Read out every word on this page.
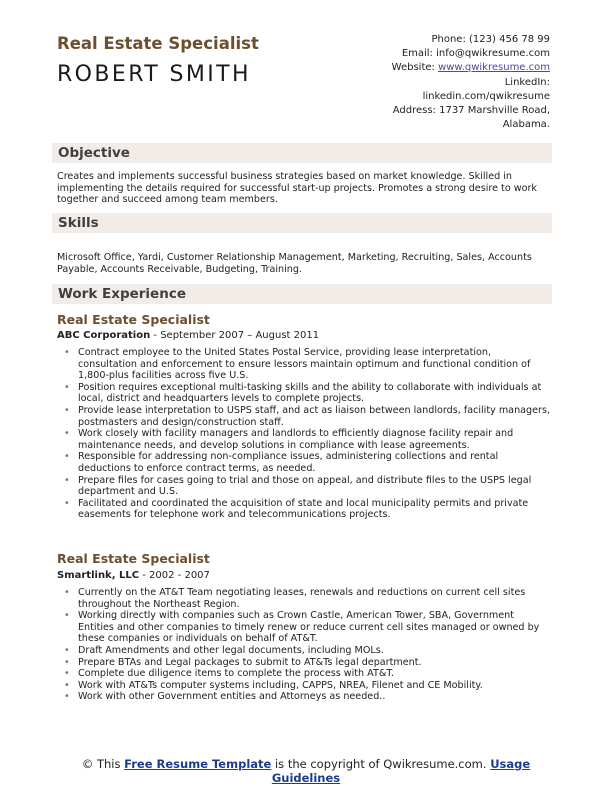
Real Estate Specialist
ROBERT SMITH
Phone: (123) 456 78 99
Email: info@qwikresume.com
Website: www.qwikresume.com
LinkedIn:
linkedin.com/qwikresume
Address: 1737 Marshville Road,
Alabama.
Objective
Creates and implements successful business strategies based on market knowledge. Skilled in implementing the details required for successful start-up projects. Promotes a strong desire to work together and succeed among team members.
Skills
Microsoft Office, Yardi, Customer Relationship Management, Marketing, Recruiting, Sales, Accounts Payable, Accounts Receivable, Budgeting, Training.
Work Experience
Real Estate Specialist
ABC Corporation - September 2007 – August 2011
• Contract employee to the United States Postal Service, providing lease interpretation, consultation and enforcement to ensure lessors maintain optimum and functional condition of 1,800-plus facilities across five U.S.
• Position requires exceptional multi-tasking skills and the ability to collaborate with individuals at local, district and headquarters levels to complete projects.
• Provide lease interpretation to USPS staff, and act as liaison between landlords, facility managers, postmasters and design/construction staff.
• Work closely with facility managers and landlords to efficiently diagnose facility repair and maintenance needs, and develop solutions in compliance with lease agreements.
• Responsible for addressing non-compliance issues, administering collections and rental deductions to enforce contract terms, as needed.
• Prepare files for cases going to trial and those on appeal, and distribute files to the USPS legal department and U.S.
• Facilitated and coordinated the acquisition of state and local municipality permits and private easements for telephone work and telecommunications projects.
Real Estate Specialist
Smartlink, LLC - 2002 - 2007
• Currently on the AT&T Team negotiating leases, renewals and reductions on current cell sites throughout the Northeast Region.
• Working directly with companies such as Crown Castle, American Tower, SBA, Government Entities and other companies to timely renew or reduce current cell sites managed or owned by these companies or individuals on behalf of AT&T.
• Draft Amendments and other legal documents, including MOLs.
• Prepare BTAs and Legal packages to submit to AT&Ts legal department.
• Complete due diligence items to complete the process with AT&T.
• Work with AT&Ts computer systems including, CAPPS, NREA, Filenet and CE Mobility.
• Work with other Government entities and Attorneys as needed..
© This Free Resume Template is the copyright of Qwikresume.com. Usage
Guidelines
